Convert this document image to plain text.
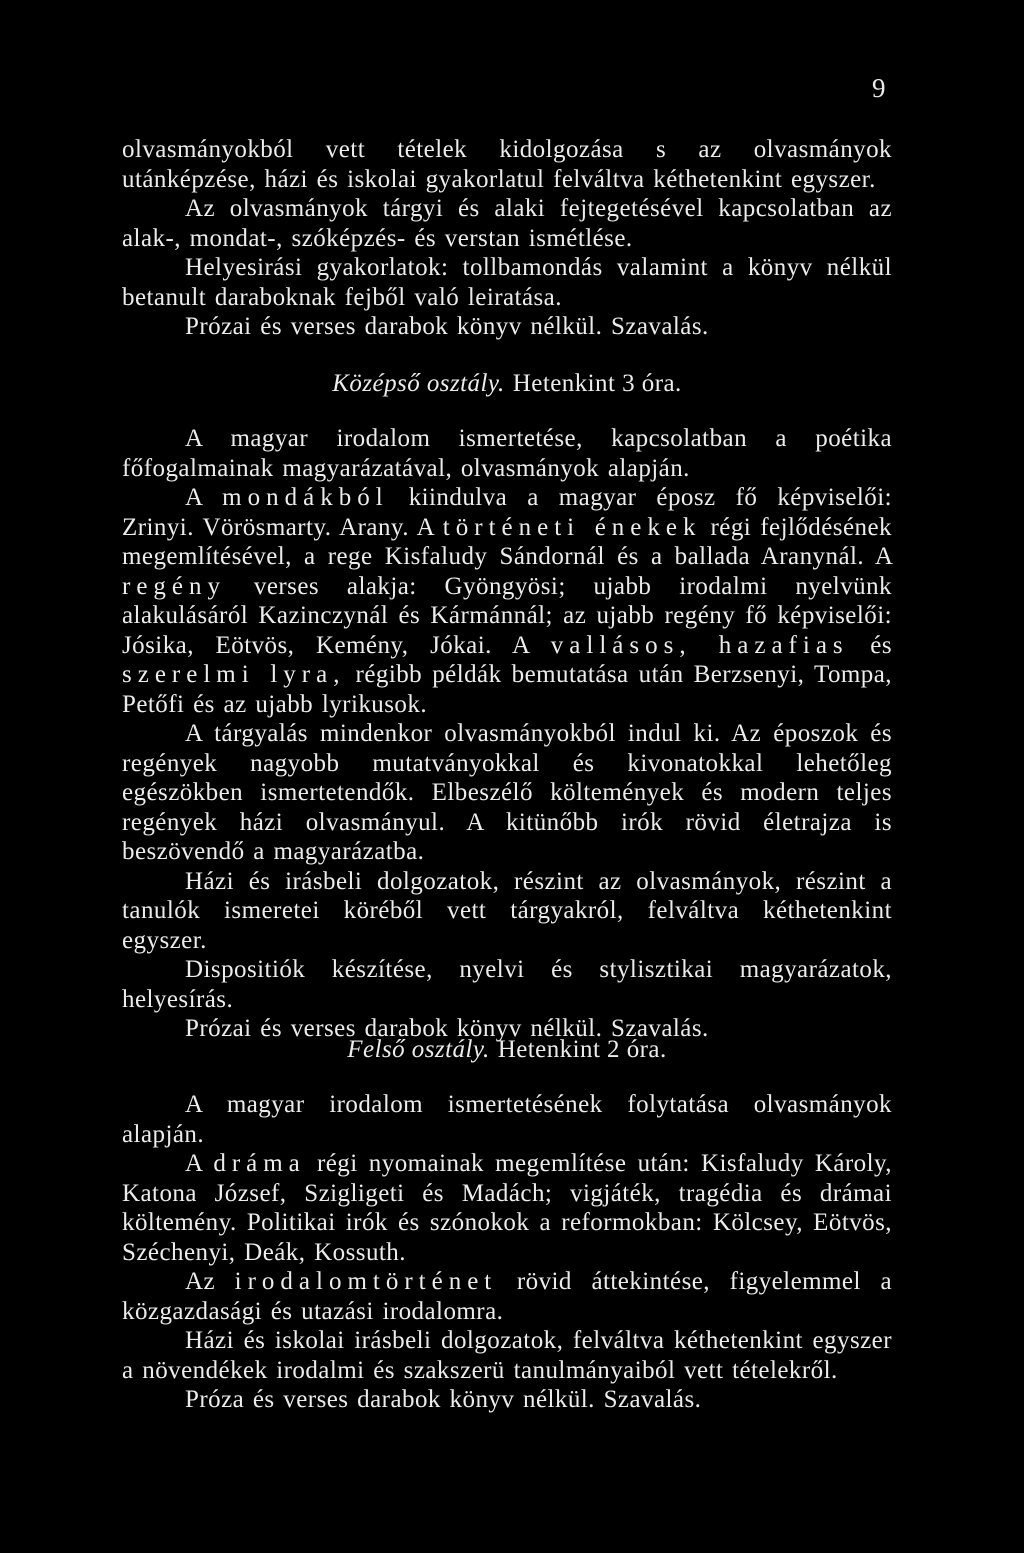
9

olvasmányokból vett tételek kidolgozása s az olvasmányok utánképzése, házi és iskolai gyakorlatul felváltva kéthetenkint egyszer.

Az olvasmányok tárgyi és alaki fejtegetésével kapcsolatban az alak-, mondat-, szóképzés- és verstan ismétlése.

Helyesirási gyakorlatok: tollbamondás valamint a könyv nélkül betanult daraboknak fejből való leiratása.

Prózai és verses darabok könyv nélkül. Szavalás.

Középső osztály. Hetenkint 3 óra.

A magyar irodalom ismertetése, kapcsolatban a poétika főfogalmainak magyarázatával, olvasmányok alapján.

A mondákból kiindulva a magyar éposz fő képviselői: Zrinyi. Vörösmarty. Arany. A történeti énekek régi fejlődésének megemlítésével, a rege Kisfaludy Sándornál és a ballada Aranynál. A regény verses alakja: Gyöngyösi; ujabb irodalmi nyelvünk alakulásáról Kazinczynál és Kármánnál; az ujabb regény fő képviselői: Jósika, Eötvös, Kemény, Jókai. A vallásos, hazafias és szerelmi lyra, régibb példák bemutatása után Berzsenyi, Tompa, Petőfi és az ujabb lyrikusok.

A tárgyalás mindenkor olvasmányokból indul ki. Az époszok és regények nagyobb mutatványokkal és kivonatokkal lehetőleg egészökben ismertetendők. Elbeszélő költemények és modern teljes regények házi olvasmányul. A kitünőbb irók rövid életrajza is beszövendő a magyarázatba.

Házi és irásbeli dolgozatok, részint az olvasmányok, részint a tanulók ismeretei köréből vett tárgyakról, felváltva kéthetenkint egyszer.

Dispositiók készítése, nyelvi és stylisztikai magyarázatok, helyesírás.

Prózai és verses darabok könyv nélkül. Szavalás.

Felső osztály. Hetenkint 2 óra.

A magyar irodalom ismertetésének folytatása olvasmányok alapján.

A dráma régi nyomainak megemlítése után: Kisfaludy Károly, Katona József, Szigligeti és Madách; vigjáték, tragédia és drámai költemény. Politikai irók és szónokok a reformokban: Kölcsey, Eötvös, Széchenyi, Deák, Kossuth.

Az irodalomtörténet rövid áttekintése, figyelemmel a közgazdasági és utazási irodalomra.

Házi és iskolai irásbeli dolgozatok, felváltva kéthetenkint egyszer a növendékek irodalmi és szakszerü tanulmányaiból vett tételekről.

Próza és verses darabok könyv nélkül. Szavalás.
